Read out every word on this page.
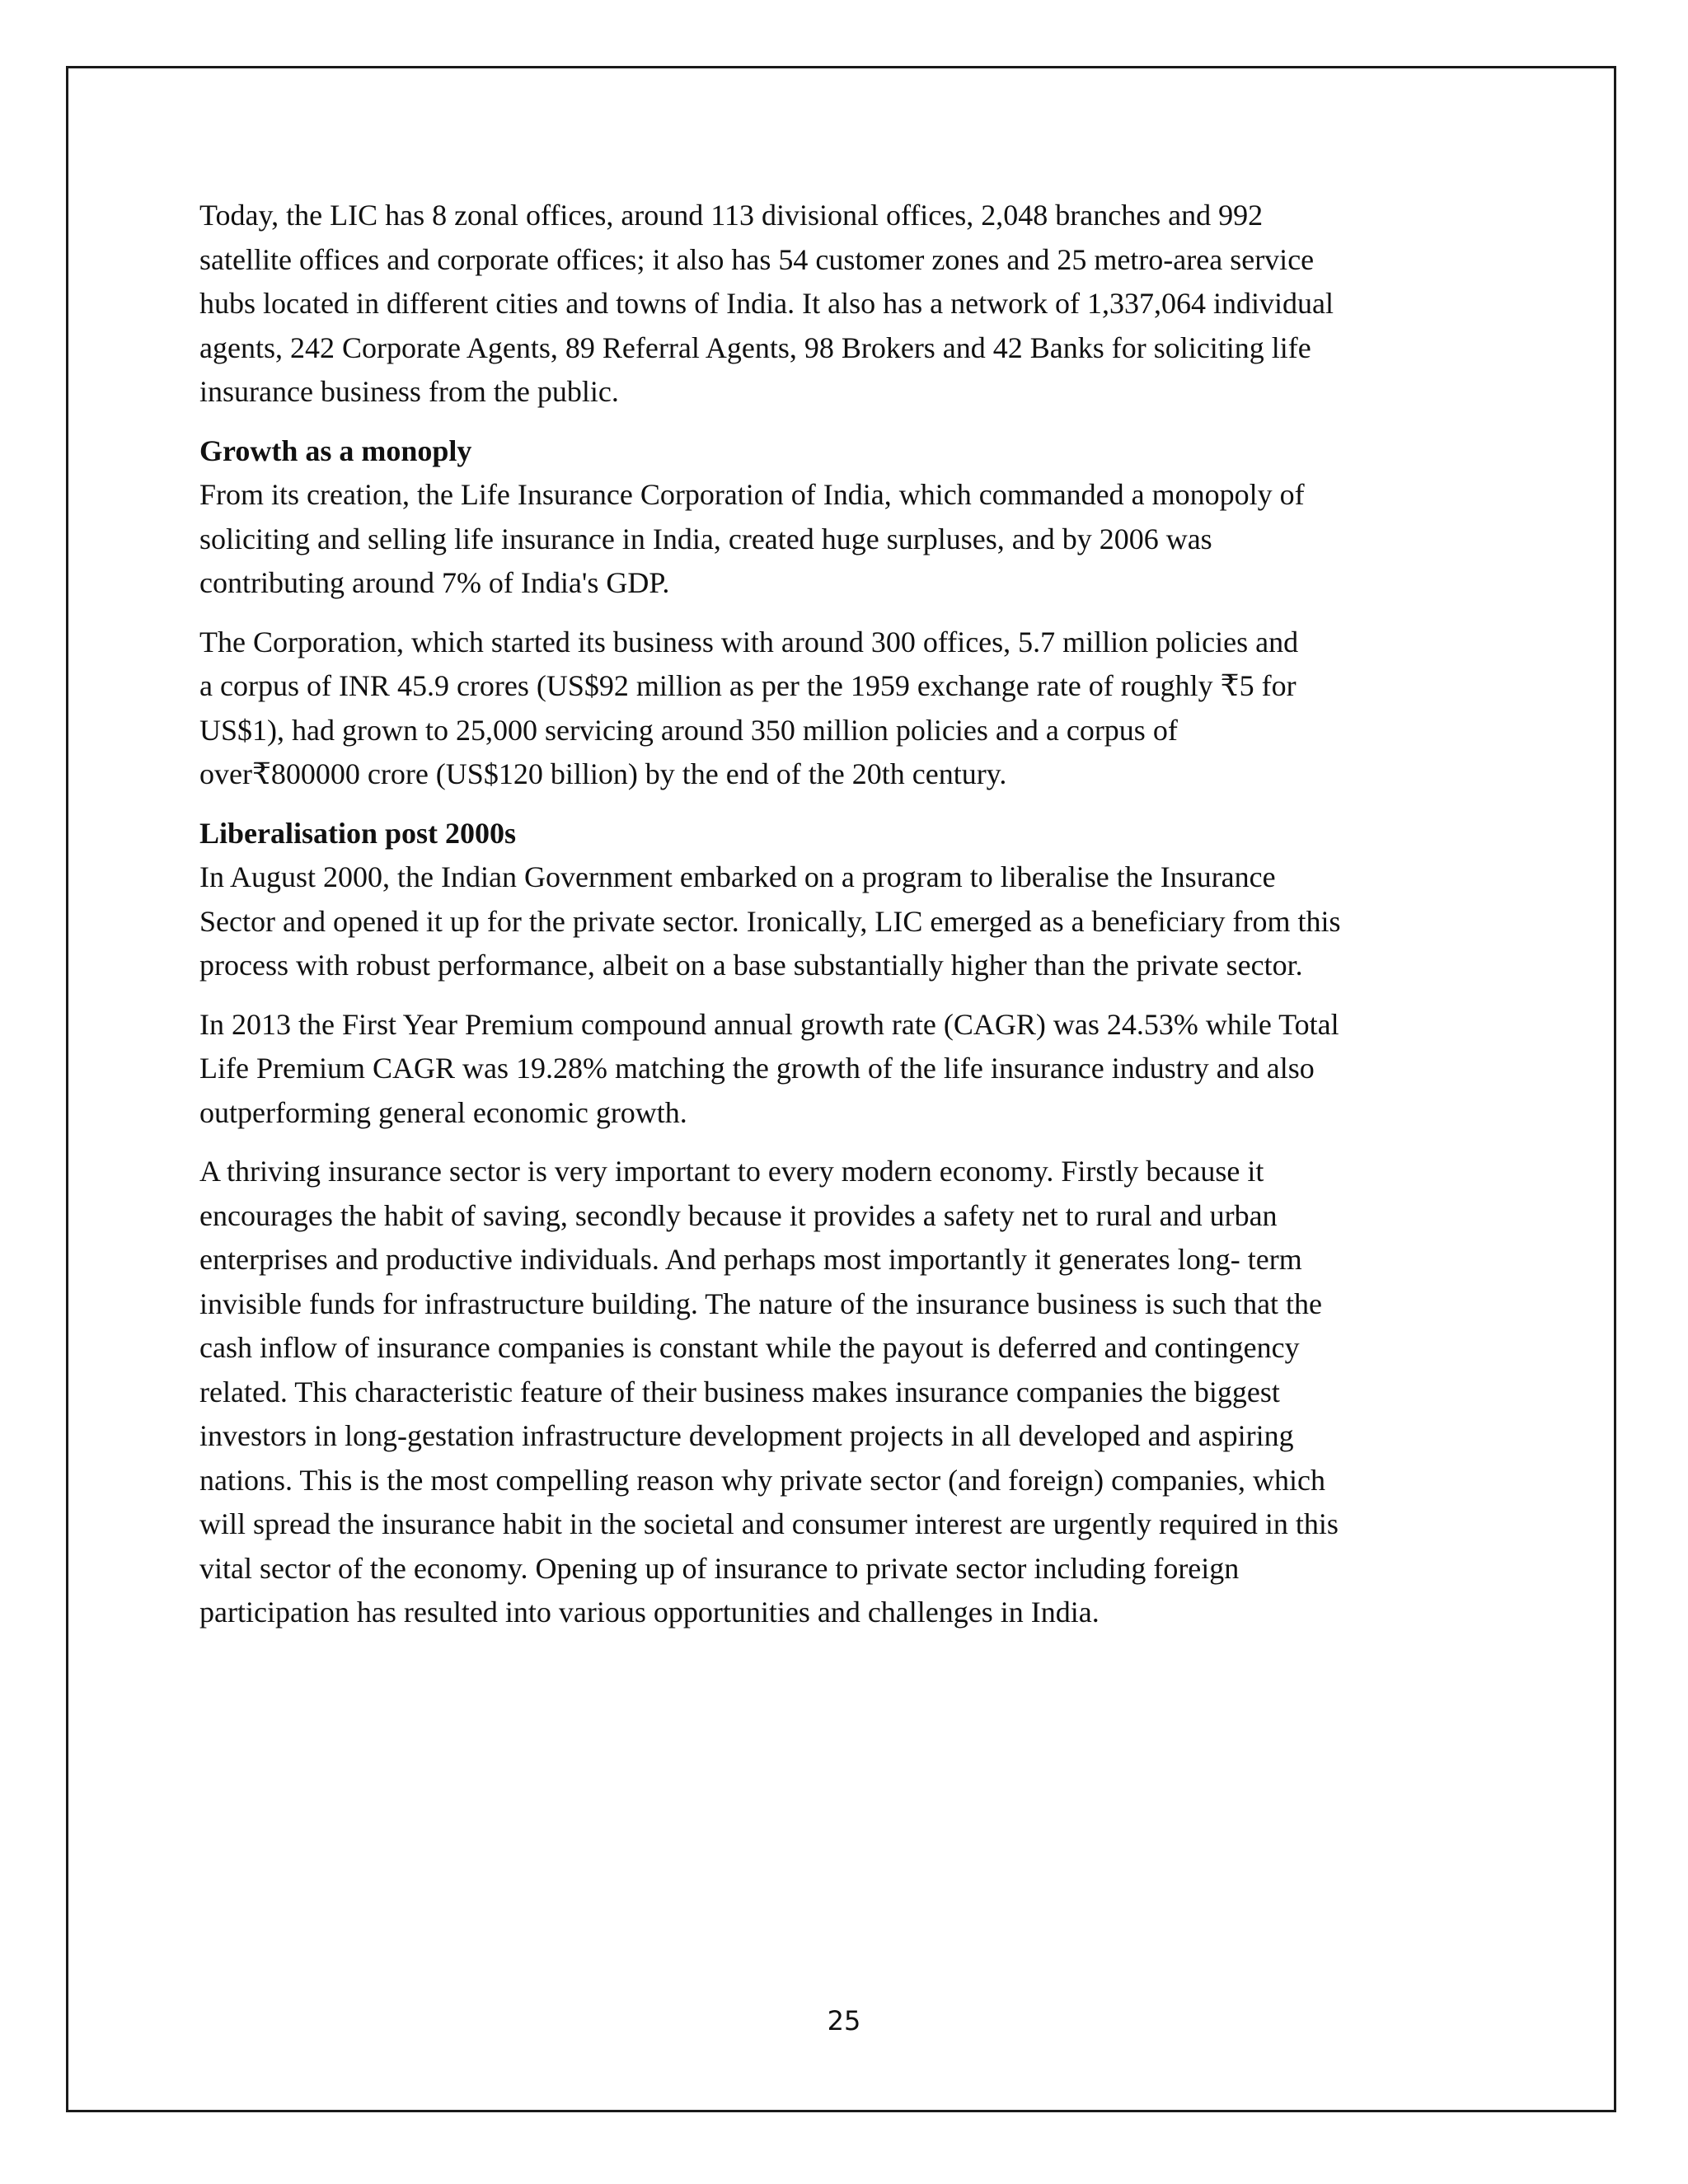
Today, the LIC has 8 zonal offices, around 113 divisional offices, 2,048 branches and 992
satellite offices and corporate offices; it also has 54 customer zones and 25 metro-area service
hubs located in different cities and towns of India. It also has a network of 1,337,064 individual
agents, 242 Corporate Agents, 89 Referral Agents, 98 Brokers and 42 Banks for soliciting life
insurance business from the public.

Growth as a monoply

From its creation, the Life Insurance Corporation of India, which commanded a monopoly of
soliciting and selling life insurance in India, created huge surpluses, and by 2006 was
contributing around 7% of India's GDP.

The Corporation, which started its business with around 300 offices, 5.7 million policies and
a corpus of INR 45.9 crores (US$92 million as per the 1959 exchange rate of roughly ₹5 for
US$1), had grown to 25,000 servicing around 350 million policies and a corpus of
over₹800000 crore (US$120 billion) by the end of the 20th century.

Liberalisation post 2000s

In August 2000, the Indian Government embarked on a program to liberalise the Insurance
Sector and opened it up for the private sector. Ironically, LIC emerged as a beneficiary from this
process with robust performance, albeit on a base substantially higher than the private sector.

In 2013 the First Year Premium compound annual growth rate (CAGR) was 24.53% while Total
Life Premium CAGR was 19.28% matching the growth of the life insurance industry and also
outperforming general economic growth.

A thriving insurance sector is very important to every modern economy. Firstly because it
encourages the habit of saving, secondly because it provides a safety net to rural and urban
enterprises and productive individuals. And perhaps most importantly it generates long- term
invisible funds for infrastructure building. The nature of the insurance business is such that the
cash inflow of insurance companies is constant while the payout is deferred and contingency
related. This characteristic feature of their business makes insurance companies the biggest
investors in long-gestation infrastructure development projects in all developed and aspiring
nations. This is the most compelling reason why private sector (and foreign) companies, which
will spread the insurance habit in the societal and consumer interest are urgently required in this
vital sector of the economy. Opening up of insurance to private sector including foreign
participation has resulted into various opportunities and challenges in India.

25
